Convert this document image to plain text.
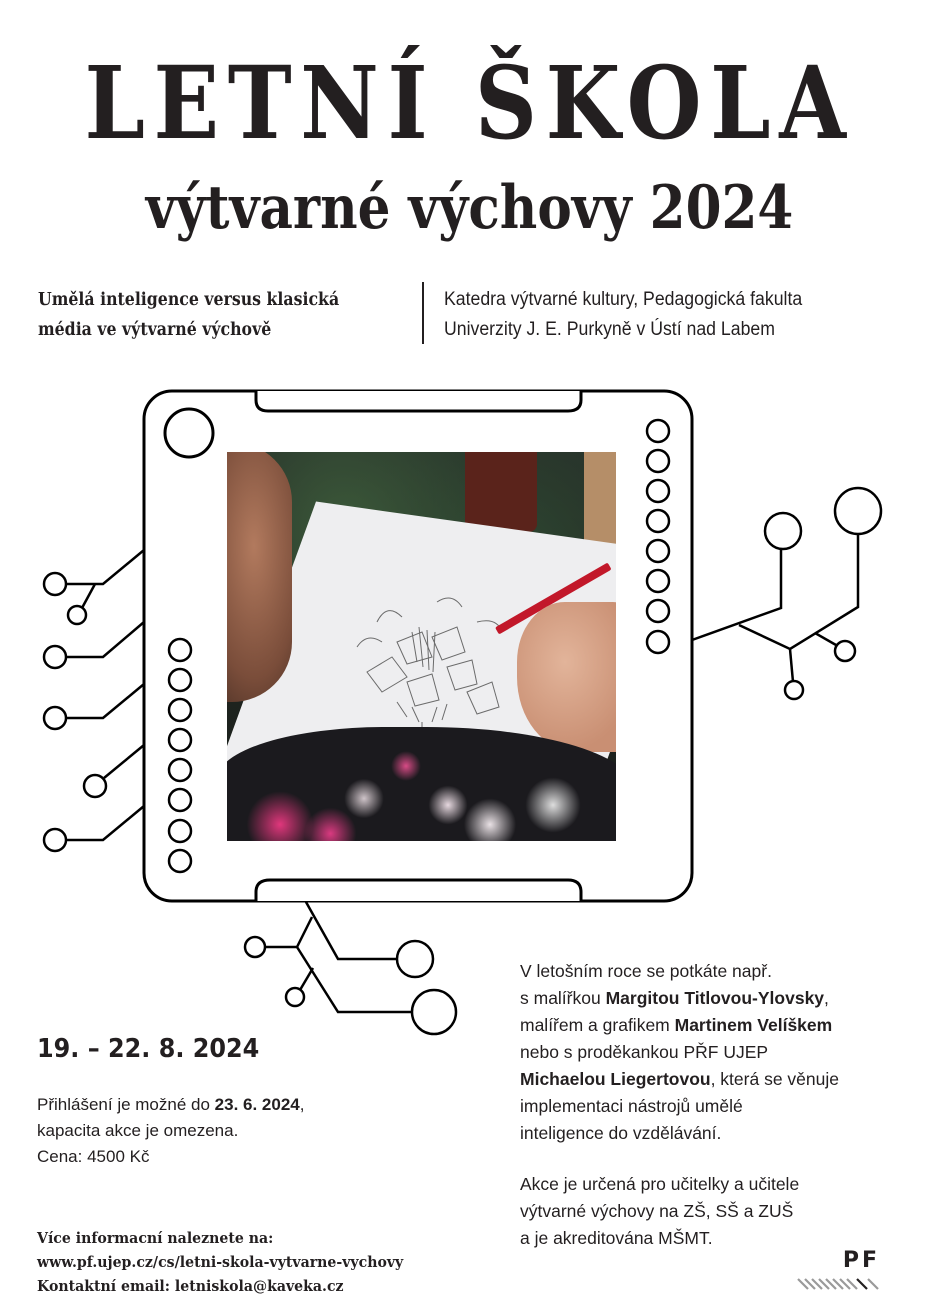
LETNÍ ŠKOLA
výtvarné výchovy 2024
Umělá inteligence versus klasická
média ve výtvarné výchově
Katedra výtvarné kultury, Pedagogická fakulta
Univerzity J. E. Purkyně v Ústí nad Labem
19. – 22. 8. 2024
Přihlášení je možné do 23. 6. 2024,
kapacita akce je omezena.
Cena: 4500 Kč
Více informacní naleznete na:
www.pf.ujep.cz/cs/letni-skola-vytvarne-vychovy
Kontaktní email: letniskola@kaveka.cz
V letošním roce se potkáte např.
s malířkou Margitou Titlovou-Ylovsky,
malířem a grafikem Martinem Velíškem
nebo s proděkankou PŘF UJEP
Michaelou Liegertovou, která se věnuje
implementaci nástrojů umělé
inteligence do vzdělávání.
Akce je určená pro učitelky a učitele
výtvarné výchovy na ZŠ, SŠ a ZUŠ
a je akreditována MŠMT.
PF
